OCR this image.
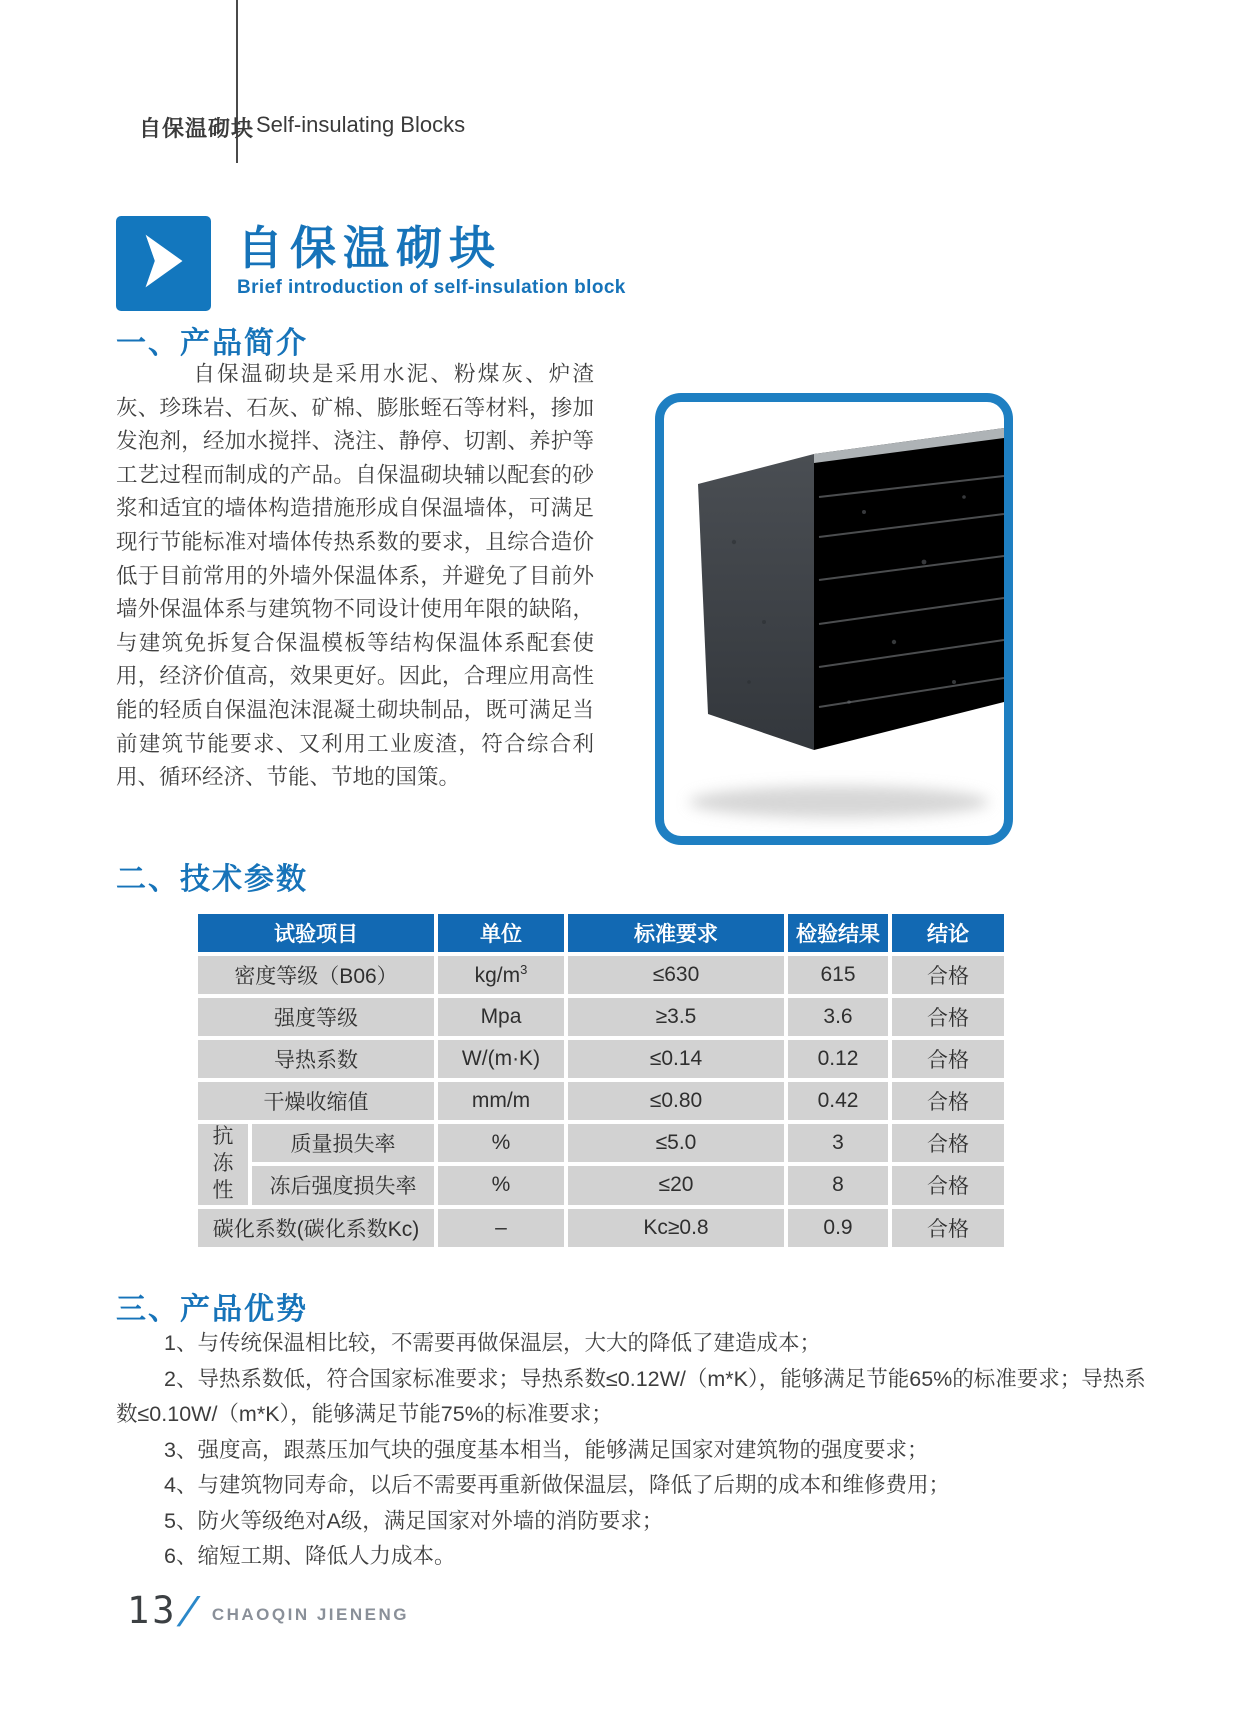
自保温砌块 Self-insulating Blocks
自保温砌块
Brief introduction of self-insulation block
一、产品简介
自保温砌块是采用水泥、粉煤灰、炉渣灰、珍珠岩、石灰、矿棉、膨胀蛭石等材料，掺加发泡剂，经加水搅拌、浇注、静停、切割、养护等工艺过程而制成的产品。自保温砌块辅以配套的砂浆和适宜的墙体构造措施形成自保温墙体，可满足现行节能标准对墙体传热系数的要求，且综合造价低于目前常用的外墙外保温体系，并避免了目前外墙外保温体系与建筑物不同设计使用年限的缺陷，与建筑免拆复合保温模板等结构保温体系配套使用，经济价值高，效果更好。因此，合理应用高性能的轻质自保温泡沫混凝土砌块制品，既可满足当前建筑节能要求、又利用工业废渣，符合综合利用、循环经济、节能、节地的国策。
二、技术参数
试验项目		单位	标准要求	检验结果	结论
密度等级（B06）		$kg/m^3$	≤630	615	合格
强度等级		Mpa	≥3.5	3.6	合格
导热系数		W/(m·K)	≤0.14	0.12	合格
干燥收缩值		mm/m	≤0.80	0.42	合格
抗冻性	质量损失率	%	≤5.0	3	合格
	冻后强度损失率	%	≤20	8	合格
碳化系数(碳化系数Kc)		–	Kc≥0.8	0.9	合格
三、产品优势
1、与传统保温相比较，不需要再做保温层，大大的降低了建造成本；
2、导热系数低，符合国家标准要求；导热系数≤0.12W/（m*K），能够满足节能65%的标准要求；导热系数≤0.10W/（m*K），能够满足节能75%的标准要求；
3、强度高，跟蒸压加气块的强度基本相当，能够满足国家对建筑物的强度要求；
4、与建筑物同寿命，以后不需要再重新做保温层，降低了后期的成本和维修费用；
5、防火等级绝对A级，满足国家对外墙的消防要求；
6、缩短工期、降低人力成本。
13
/ CHAOQIN JIENENG
